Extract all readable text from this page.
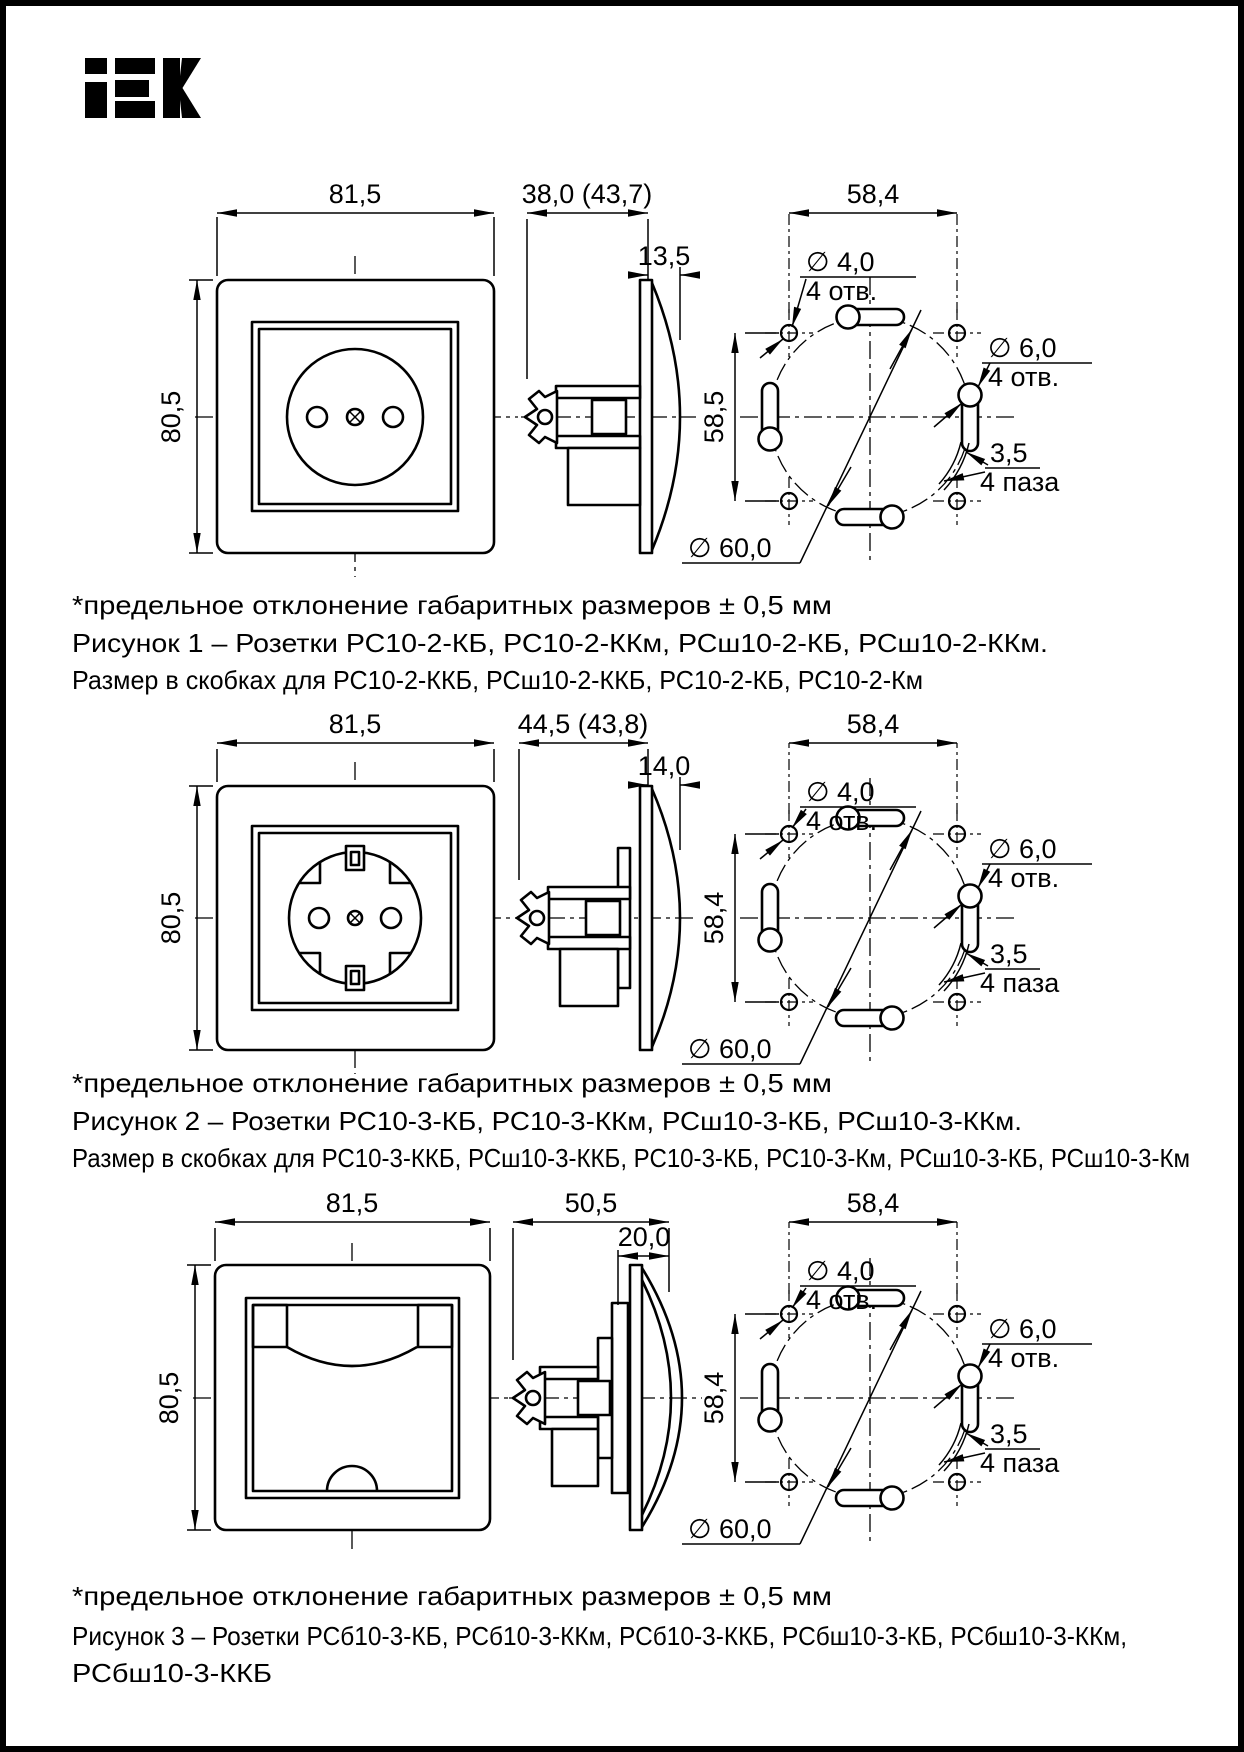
81,5
80,5
38,0 (43,7)
13,5
58,4
58,5
∅ 4,0
4 отв.
∅ 6,0
4 отв.
3,5
4 паза
∅ 60,0
*предельное отклонение габаритных размеров ± 0,5 мм
Рисунок 1 – Розетки РС10-2-КБ, РС10-2-ККм, РСш10-2-КБ, РСш10-2-ККм.
Размер в скобках для РС10-2-ККБ, РСш10-2-ККБ, РС10-2-КБ, РС10-2-Км
81,5
80,5
44,5 (43,8)
14,0
58,4
58,4
∅ 4,0
4 отв.
∅ 6,0
4 отв.
3,5
4 паза
∅ 60,0
*предельное отклонение габаритных размеров ± 0,5 мм
Рисунок 2 – Розетки РС10-3-КБ, РС10-3-ККм, РСш10-3-КБ, РСш10-3-ККм.
Размер в скобках для РС10-3-ККБ, РСш10-3-ККБ, РС10-3-КБ, РС10-3-Км, РСш10-3-КБ, РСш10-3-Км
50,5
20,0
81,5
80,5
58,4
58,4
∅ 4,0
4 отв.
∅ 6,0
4 отв.
3,5
4 паза
∅ 60,0
*предельное отклонение габаритных размеров ± 0,5 мм
Рисунок 3 – Розетки РСб10-3-КБ, РСб10-3-ККм, РСб10-3-ККБ, РСбш10-3-КБ, РСбш10-3-ККм,
РСбш10-3-ККБ
